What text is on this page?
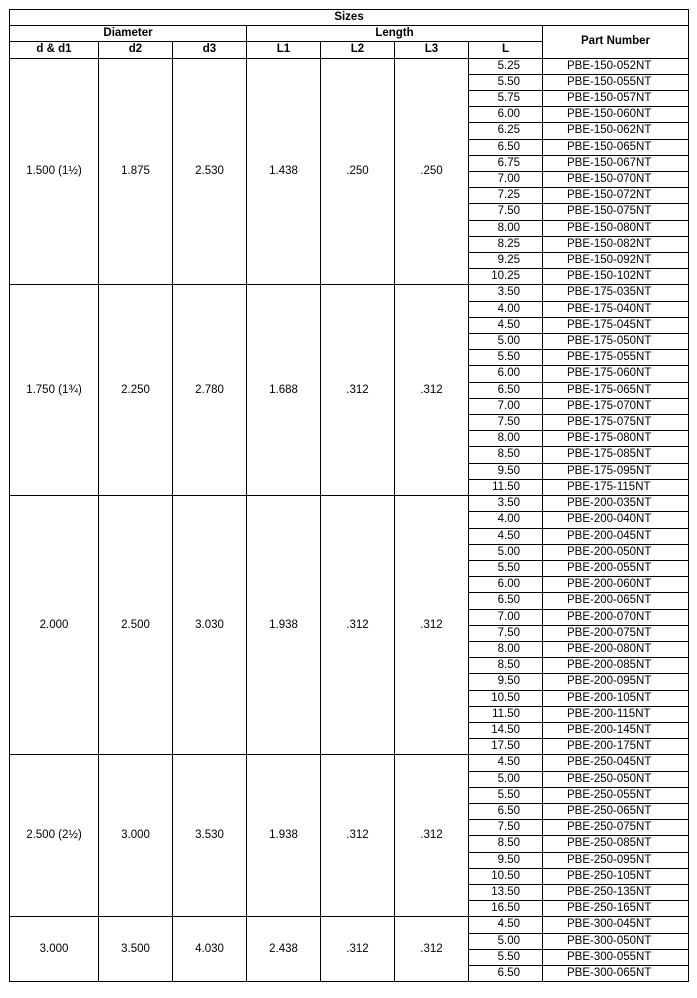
Sizes							
Diameter			Length				Part Number
d & d1	d2	d3	L1	L2	L3	L	
1.500 (1½)	1.875	2.530	1.438	.250	.250	5.25	PBE-150-052NT
						5.50	PBE-150-055NT
						5.75	PBE-150-057NT
						6.00	PBE-150-060NT
						6.25	PBE-150-062NT
						6.50	PBE-150-065NT
						6.75	PBE-150-067NT
						7.00	PBE-150-070NT
						7.25	PBE-150-072NT
						7.50	PBE-150-075NT
						8.00	PBE-150-080NT
						8.25	PBE-150-082NT
						9.25	PBE-150-092NT
						10.25	PBE-150-102NT
1.750 (1¾)	2.250	2.780	1.688	.312	.312	3.50	PBE-175-035NT
						4.00	PBE-175-040NT
						4.50	PBE-175-045NT
						5.00	PBE-175-050NT
						5.50	PBE-175-055NT
						6.00	PBE-175-060NT
						6.50	PBE-175-065NT
						7.00	PBE-175-070NT
						7.50	PBE-175-075NT
						8.00	PBE-175-080NT
						8.50	PBE-175-085NT
						9.50	PBE-175-095NT
						11.50	PBE-175-115NT
2.000	2.500	3.030	1.938	.312	.312	3.50	PBE-200-035NT
						4.00	PBE-200-040NT
						4.50	PBE-200-045NT
						5.00	PBE-200-050NT
						5.50	PBE-200-055NT
						6.00	PBE-200-060NT
						6.50	PBE-200-065NT
						7.00	PBE-200-070NT
						7.50	PBE-200-075NT
						8.00	PBE-200-080NT
						8.50	PBE-200-085NT
						9.50	PBE-200-095NT
						10.50	PBE-200-105NT
						11.50	PBE-200-115NT
						14.50	PBE-200-145NT
						17.50	PBE-200-175NT
2.500 (2½)	3.000	3.530	1.938	.312	.312	4.50	PBE-250-045NT
						5.00	PBE-250-050NT
						5.50	PBE-250-055NT
						6.50	PBE-250-065NT
						7.50	PBE-250-075NT
						8.50	PBE-250-085NT
						9.50	PBE-250-095NT
						10.50	PBE-250-105NT
						13.50	PBE-250-135NT
						16.50	PBE-250-165NT
3.000	3.500	4.030	2.438	.312	.312	4.50	PBE-300-045NT
						5.00	PBE-300-050NT
						5.50	PBE-300-055NT
						6.50	PBE-300-065NT
